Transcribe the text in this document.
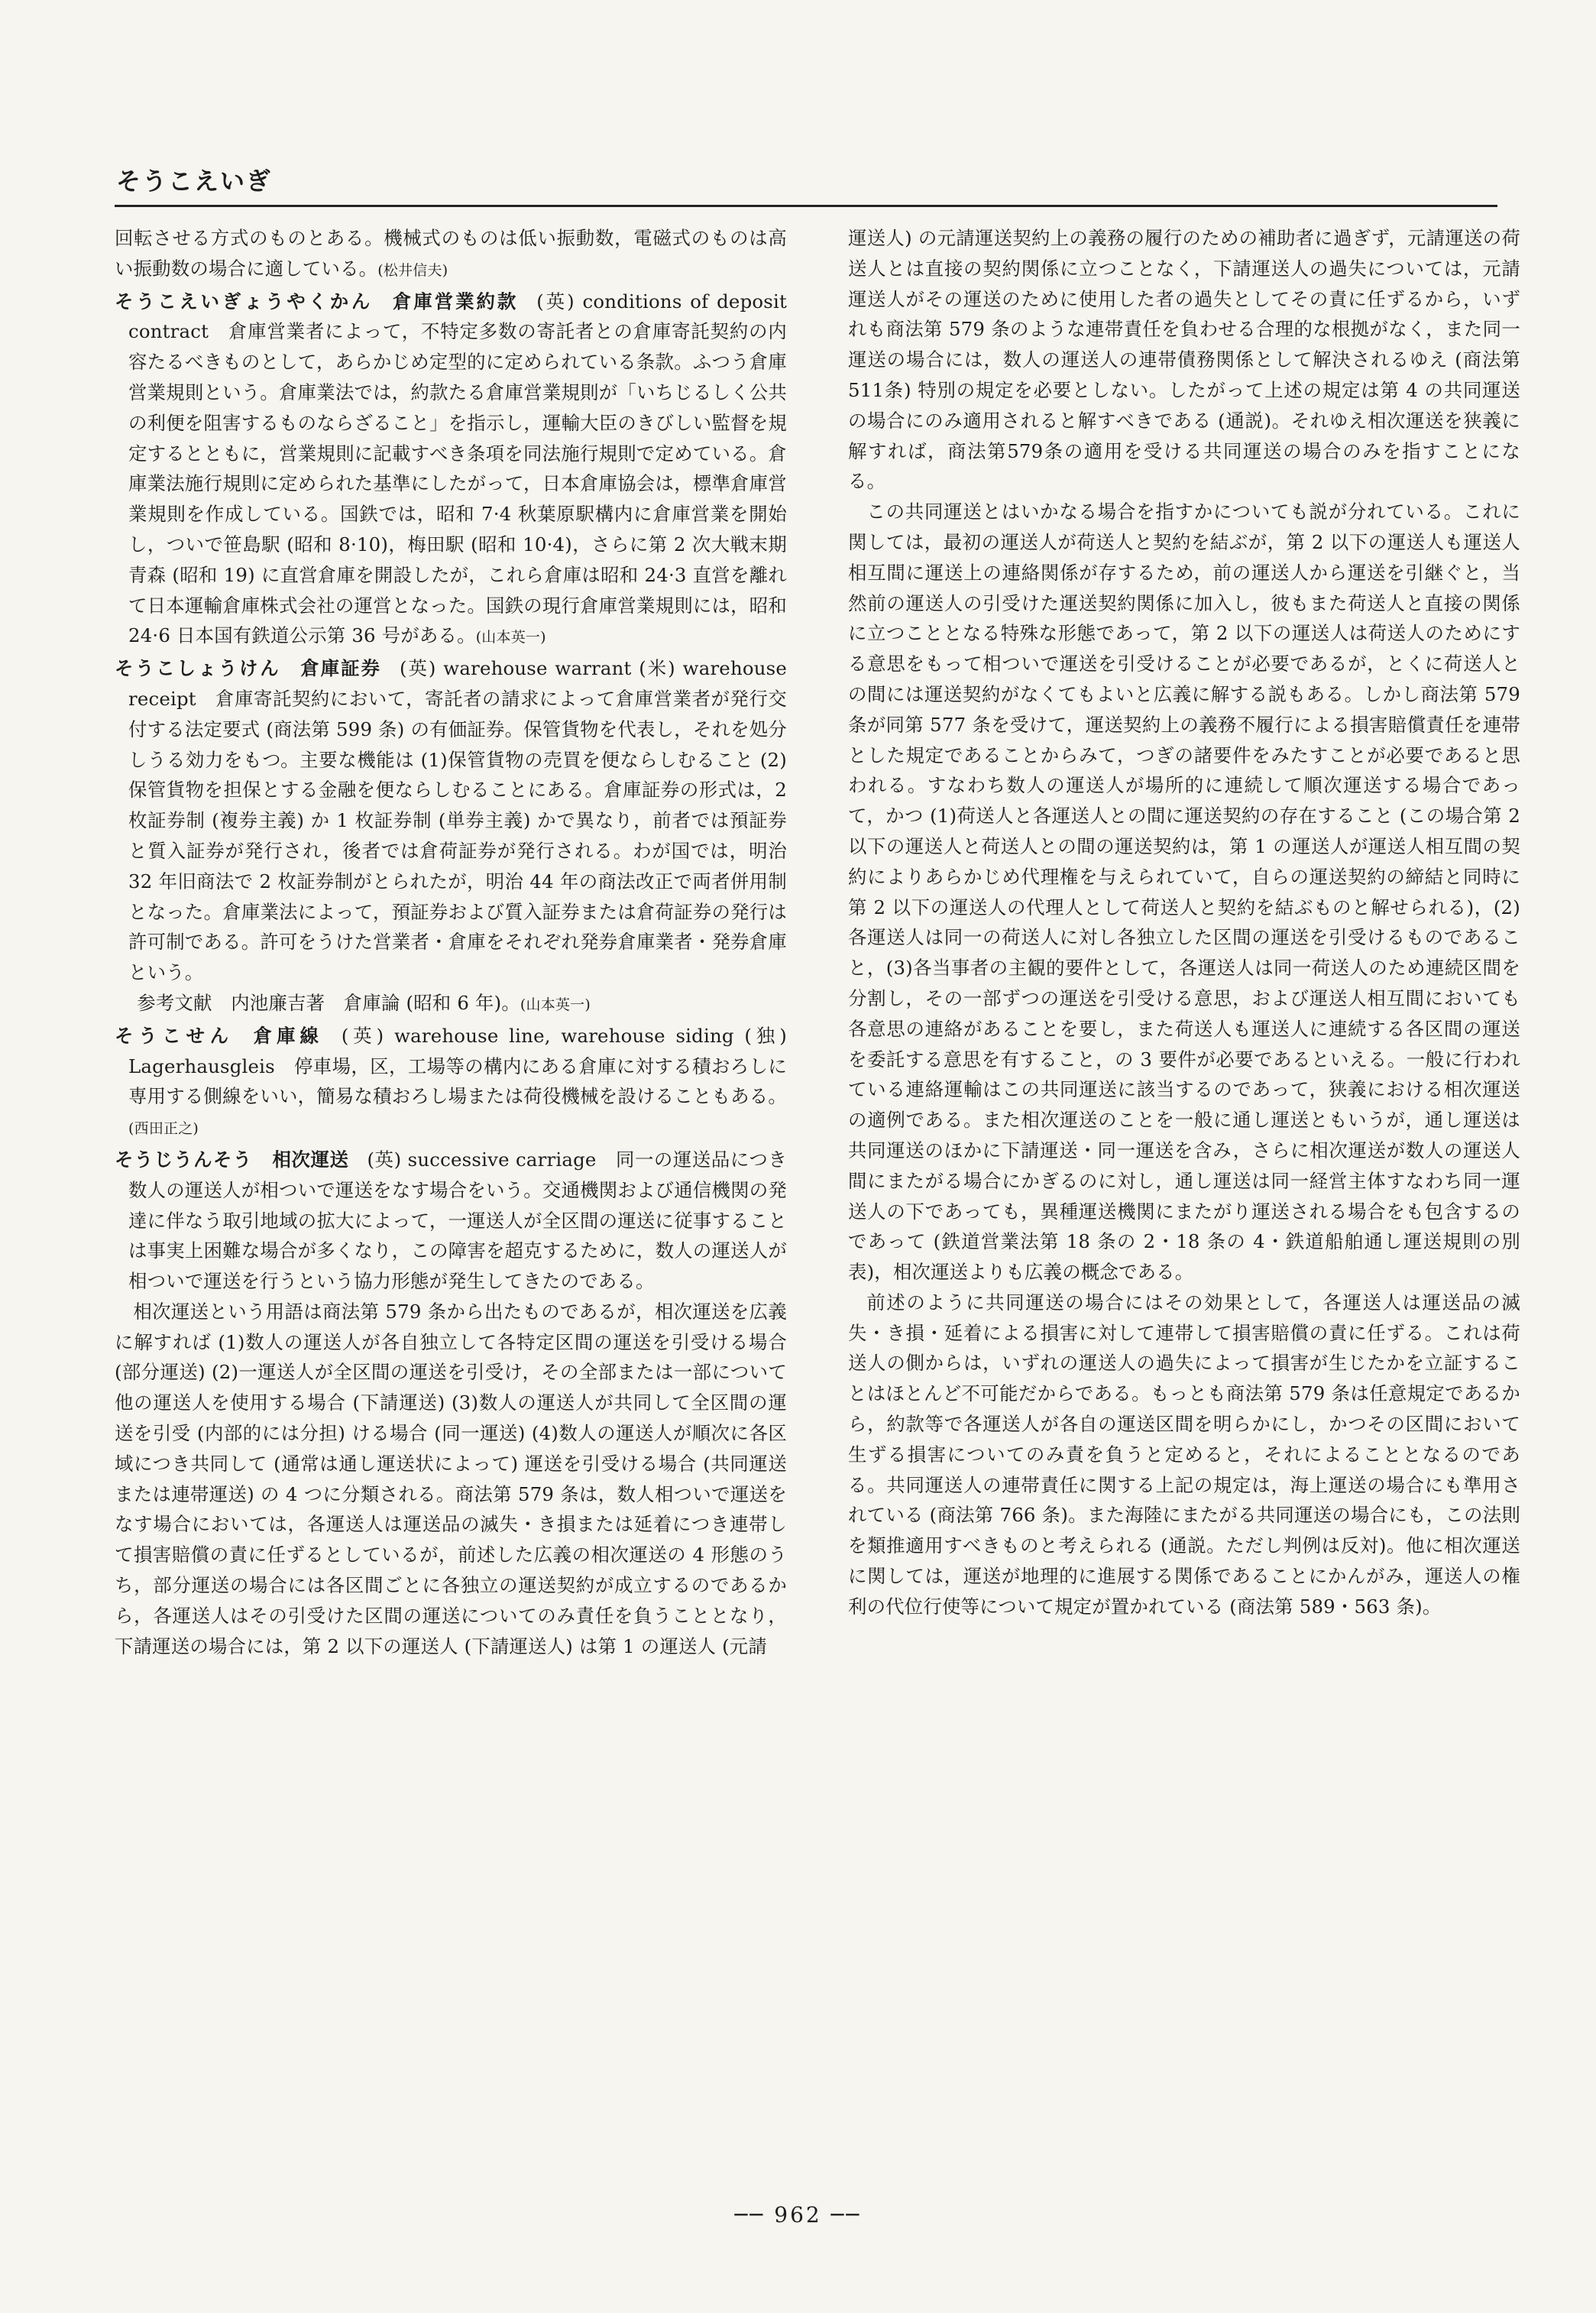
そうこえいぎ

回転させる方式のものとある。機械式のものは低い振動数，電磁式のものは高い振動数の場合に適している。(松井信夫)

そうこえいぎょうやくかん 倉庫営業約款 (英) conditions of deposit contract　 倉庫営業者によって，不特定多数の寄託者との倉庫寄託契約の内容たるべきものとして，あらかじめ定型的に定められている条款。ふつう倉庫営業規則という。倉庫業法では，約款たる倉庫営業規則が「いちじるしく公共の利便を阻害するものならざること」を指示し，運輸大臣のきびしい監督を規定するとともに，営業規則に記載すべき条項を同法施行規則で定めている。倉庫業法施行規則に定められた基準にしたがって，日本倉庫協会は，標準倉庫営業規則を作成している。国鉄では，昭和 7·4 秋葉原駅構内に倉庫営業を開始し，ついで笹島駅 (昭和 8·10)，梅田駅 (昭和 10·4)，さらに第 2 次大戦末期青森 (昭和 19) に直営倉庫を開設したが，これら倉庫は昭和 24·3 直営を離れて日本運輸倉庫株式会社の運営となった。国鉄の現行倉庫営業規則には，昭和 24·6 日本国有鉄道公示第 36 号がある。(山本英一)

そうこしょうけん 倉庫証券 (英) warehouse warrant (米) warehouse receipt　 倉庫寄託契約において，寄託者の請求によって倉庫営業者が発行交付する法定要式 (商法第 599 条) の有価証券。保管貨物を代表し，それを処分しうる効力をもつ。主要な機能は (1)保管貨物の売買を便ならしむること (2)保管貨物を担保とする金融を便ならしむることにある。倉庫証券の形式は，2 枚証券制 (複券主義) か 1 枚証券制 (単券主義) かで異なり，前者では預証券と質入証券が発行され，後者では倉荷証券が発行される。わが国では，明治 32 年旧商法で 2 枚証券制がとられたが，明治 44 年の商法改正で両者併用制となった。倉庫業法によって，預証券および質入証券または倉荷証券の発行は許可制である。許可をうけた営業者・倉庫をそれぞれ発券倉庫業者・発券倉庫という。

参考文献　内池廉吉著　倉庫論 (昭和 6 年)。(山本英一)

そうこせん 倉庫線 (英) warehouse line, warehouse siding (独) Lagerhausgleis　 停車場，区，工場等の構内にある倉庫に対する積おろしに専用する側線をいい，簡易な積おろし場または荷役機械を設けることもある。(西田正之)

そうじうんそう 相次運送 (英) successive carriage　 同一の運送品につき数人の運送人が相ついで運送をなす場合をいう。交通機関および通信機関の発達に伴なう取引地域の拡大によって，一運送人が全区間の運送に従事することは事実上困難な場合が多くなり，この障害を超克するために，数人の運送人が相ついで運送を行うという協力形態が発生してきたのである。

相次運送という用語は商法第 579 条から出たものであるが，相次運送を広義に解すれば (1)数人の運送人が各自独立して各特定区間の運送を引受ける場合 (部分運送) (2)一運送人が全区間の運送を引受け，その全部または一部について他の運送人を使用する場合 (下請運送) (3)数人の運送人が共同して全区間の運送を引受 (内部的には分担) ける場合 (同一運送) (4)数人の運送人が順次に各区域につき共同して (通常は通し運送状によって) 運送を引受ける場合 (共同運送または連帯運送) の 4 つに分類される。商法第 579 条は，数人相ついで運送をなす場合においては，各運送人は運送品の滅失・き損または延着につき連帯して損害賠償の責に任ずるとしているが，前述した広義の相次運送の 4 形態のうち，部分運送の場合には各区間ごとに各独立の運送契約が成立するのであるから，各運送人はその引受けた区間の運送についてのみ責任を負うこととなり，下請運送の場合には，第 2 以下の運送人 (下請運送人) は第 1 の運送人 (元請

運送人) の元請運送契約上の義務の履行のための補助者に過ぎず，元請運送の荷送人とは直接の契約関係に立つことなく，下請運送人の過失については，元請運送人がその運送のために使用した者の過失としてその責に任ずるから，いずれも商法第 579 条のような連帯責任を負わせる合理的な根拠がなく，また同一運送の場合には，数人の運送人の連帯債務関係として解決されるゆえ (商法第511条) 特別の規定を必要としない。したがって上述の規定は第 4 の共同運送の場合にのみ適用されると解すべきである (通説)。それゆえ相次運送を狭義に解すれば，商法第579条の適用を受ける共同運送の場合のみを指すことになる。

この共同運送とはいかなる場合を指すかについても説が分れている。これに関しては，最初の運送人が荷送人と契約を結ぶが，第 2 以下の運送人も運送人相互間に運送上の連絡関係が存するため，前の運送人から運送を引継ぐと，当然前の運送人の引受けた運送契約関係に加入し，彼もまた荷送人と直接の関係に立つこととなる特殊な形態であって，第 2 以下の運送人は荷送人のためにする意思をもって相ついで運送を引受けることが必要であるが，とくに荷送人との間には運送契約がなくてもよいと広義に解する説もある。しかし商法第 579 条が同第 577 条を受けて，運送契約上の義務不履行による損害賠償責任を連帯とした規定であることからみて，つぎの諸要件をみたすことが必要であると思われる。すなわち数人の運送人が場所的に連続して順次運送する場合であって，かつ (1)荷送人と各運送人との間に運送契約の存在すること (この場合第 2 以下の運送人と荷送人との間の運送契約は，第 1 の運送人が運送人相互間の契約によりあらかじめ代理権を与えられていて，自らの運送契約の締結と同時に第 2 以下の運送人の代理人として荷送人と契約を結ぶものと解せられる)，(2)各運送人は同一の荷送人に対し各独立した区間の運送を引受けるものであること，(3)各当事者の主観的要件として，各運送人は同一荷送人のため連続区間を分割し，その一部ずつの運送を引受ける意思，および運送人相互間においても各意思の連絡があることを要し，また荷送人も運送人に連続する各区間の運送を委託する意思を有すること，の 3 要件が必要であるといえる。一般に行われている連絡運輸はこの共同運送に該当するのであって，狭義における相次運送の適例である。また相次運送のことを一般に通し運送ともいうが，通し運送は共同運送のほかに下請運送・同一運送を含み，さらに相次運送が数人の運送人間にまたがる場合にかぎるのに対し，通し運送は同一経営主体すなわち同一運送人の下であっても，異種運送機関にまたがり運送される場合をも包含するのであって (鉄道営業法第 18 条の 2・18 条の 4・鉄道船舶通し運送規則の別表)，相次運送よりも広義の概念である。

前述のように共同運送の場合にはその効果として，各運送人は運送品の滅失・き損・延着による損害に対して連帯して損害賠償の責に任ずる。これは荷送人の側からは，いずれの運送人の過失によって損害が生じたかを立証することはほとんど不可能だからである。もっとも商法第 579 条は任意規定であるから，約款等で各運送人が各自の運送区間を明らかにし，かつその区間において生ずる損害についてのみ責を負うと定めると，それによることとなるのである。共同運送人の連帯責任に関する上記の規定は，海上運送の場合にも準用されている (商法第 766 条)。また海陸にまたがる共同運送の場合にも，この法則を類推適用すべきものと考えられる (通説。ただし判例は反対)。他に相次運送に関しては，運送が地理的に進展する関係であることにかんがみ，運送人の権利の代位行使等について規定が置かれている (商法第 589・563 条)。

── 962 ──
